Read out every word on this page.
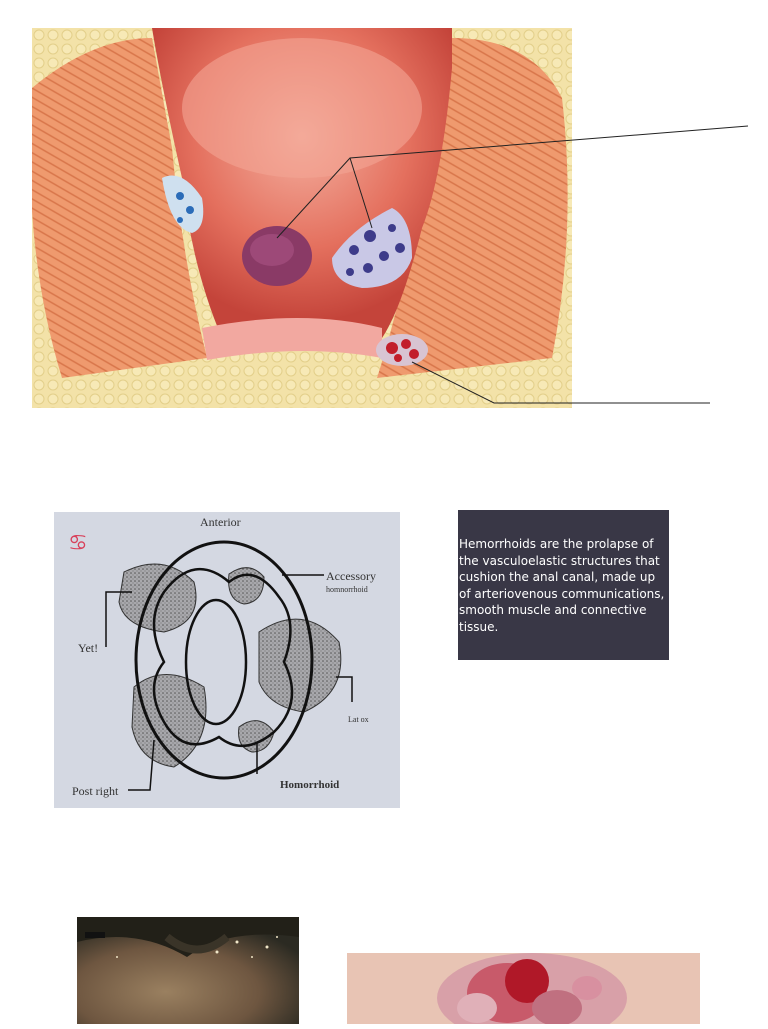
♋
Anterior
Accessory
homnorrhoid
Yet!
Lat ox
Post right	Homorrhoid
Hemorrhoids are the prolapse of the vasculoelastic structures that cushion the anal canal, made up of arteriovenous communications, smooth muscle and connective tissue.
